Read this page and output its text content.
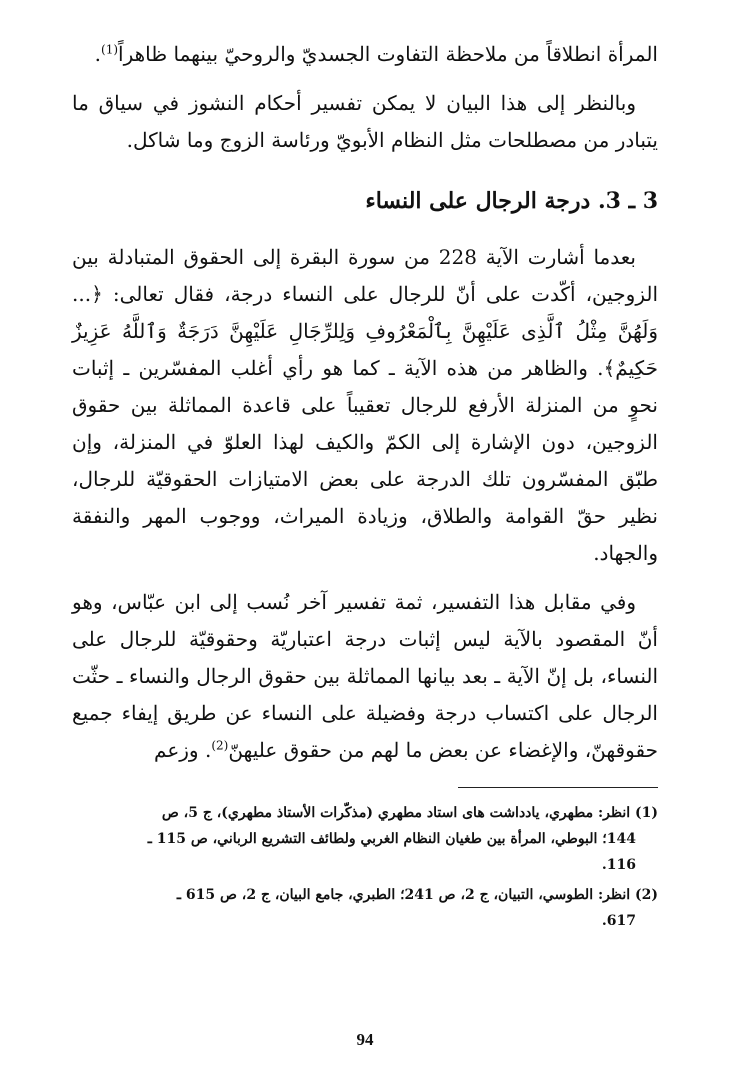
المرأة انطلاقاً من ملاحظة التفاوت الجسديّ والروحيّ بينهما ظاهراً$^{(1)}$.

وبالنظر إلى هذا البيان لا يمكن تفسير أحكام النشوز في سياق ما يتبادر من مصطلحات مثل النظام الأبويّ ورئاسة الزوج وما شاكل.

3 ـ 3. درجة الرجال على النساء

بعدما أشارت الآية 228 من سورة البقرة إلى الحقوق المتبادلة بين الزوجين، أكّدت على أنّ للرجال على النساء درجة، فقال تعالى: ﴿... وَلَهُنَّ مِثْلُ ٱلَّذِى عَلَيْهِنَّ بِٱلْمَعْرُوفِ وَلِلرِّجَالِ عَلَيْهِنَّ دَرَجَةٌ وَٱللَّهُ عَزِيزٌ حَكِيمٌ﴾. والظاهر من هذه الآية ـ كما هو رأي أغلب المفسّرين ـ إثبات نحوٍ من المنزلة الأرفع للرجال تعقيباً على قاعدة المماثلة بين حقوق الزوجين، دون الإشارة إلى الكمّ والكيف لهذا العلوّ في المنزلة، وإن طبّق المفسّرون تلك الدرجة على بعض الامتيازات الحقوقيّة للرجال، نظير حقّ القوامة والطلاق، وزيادة الميراث، ووجوب المهر والنفقة والجهاد.

وفي مقابل هذا التفسير، ثمة تفسير آخر نُسب إلى ابن عبّاس، وهو أنّ المقصود بالآية ليس إثبات درجة اعتباريّة وحقوقيّة للرجال على النساء، بل إنّ الآية ـ بعد بيانها المماثلة بين حقوق الرجال والنساء ـ حثّت الرجال على اكتساب درجة وفضيلة على النساء عن طريق إيفاء جميع حقوقهنّ، والإغضاء عن بعض ما لهم من حقوق عليهنّ$^{(2)}$. وزعم

(1) انظر: مطهري، يادداشت هاى استاد مطهري (مذكّرات الأستاذ مطهري)، ج 5، ص
144؛ البوطي، المرأة بين طغيان النظام الغربي ولطائف التشريع الرباني، ص 115 ـ
116.
(2) انظر: الطوسي، التبيان، ج 2، ص 241؛ الطبري، جامع البيان، ج 2، ص 615 ـ
617.
94
